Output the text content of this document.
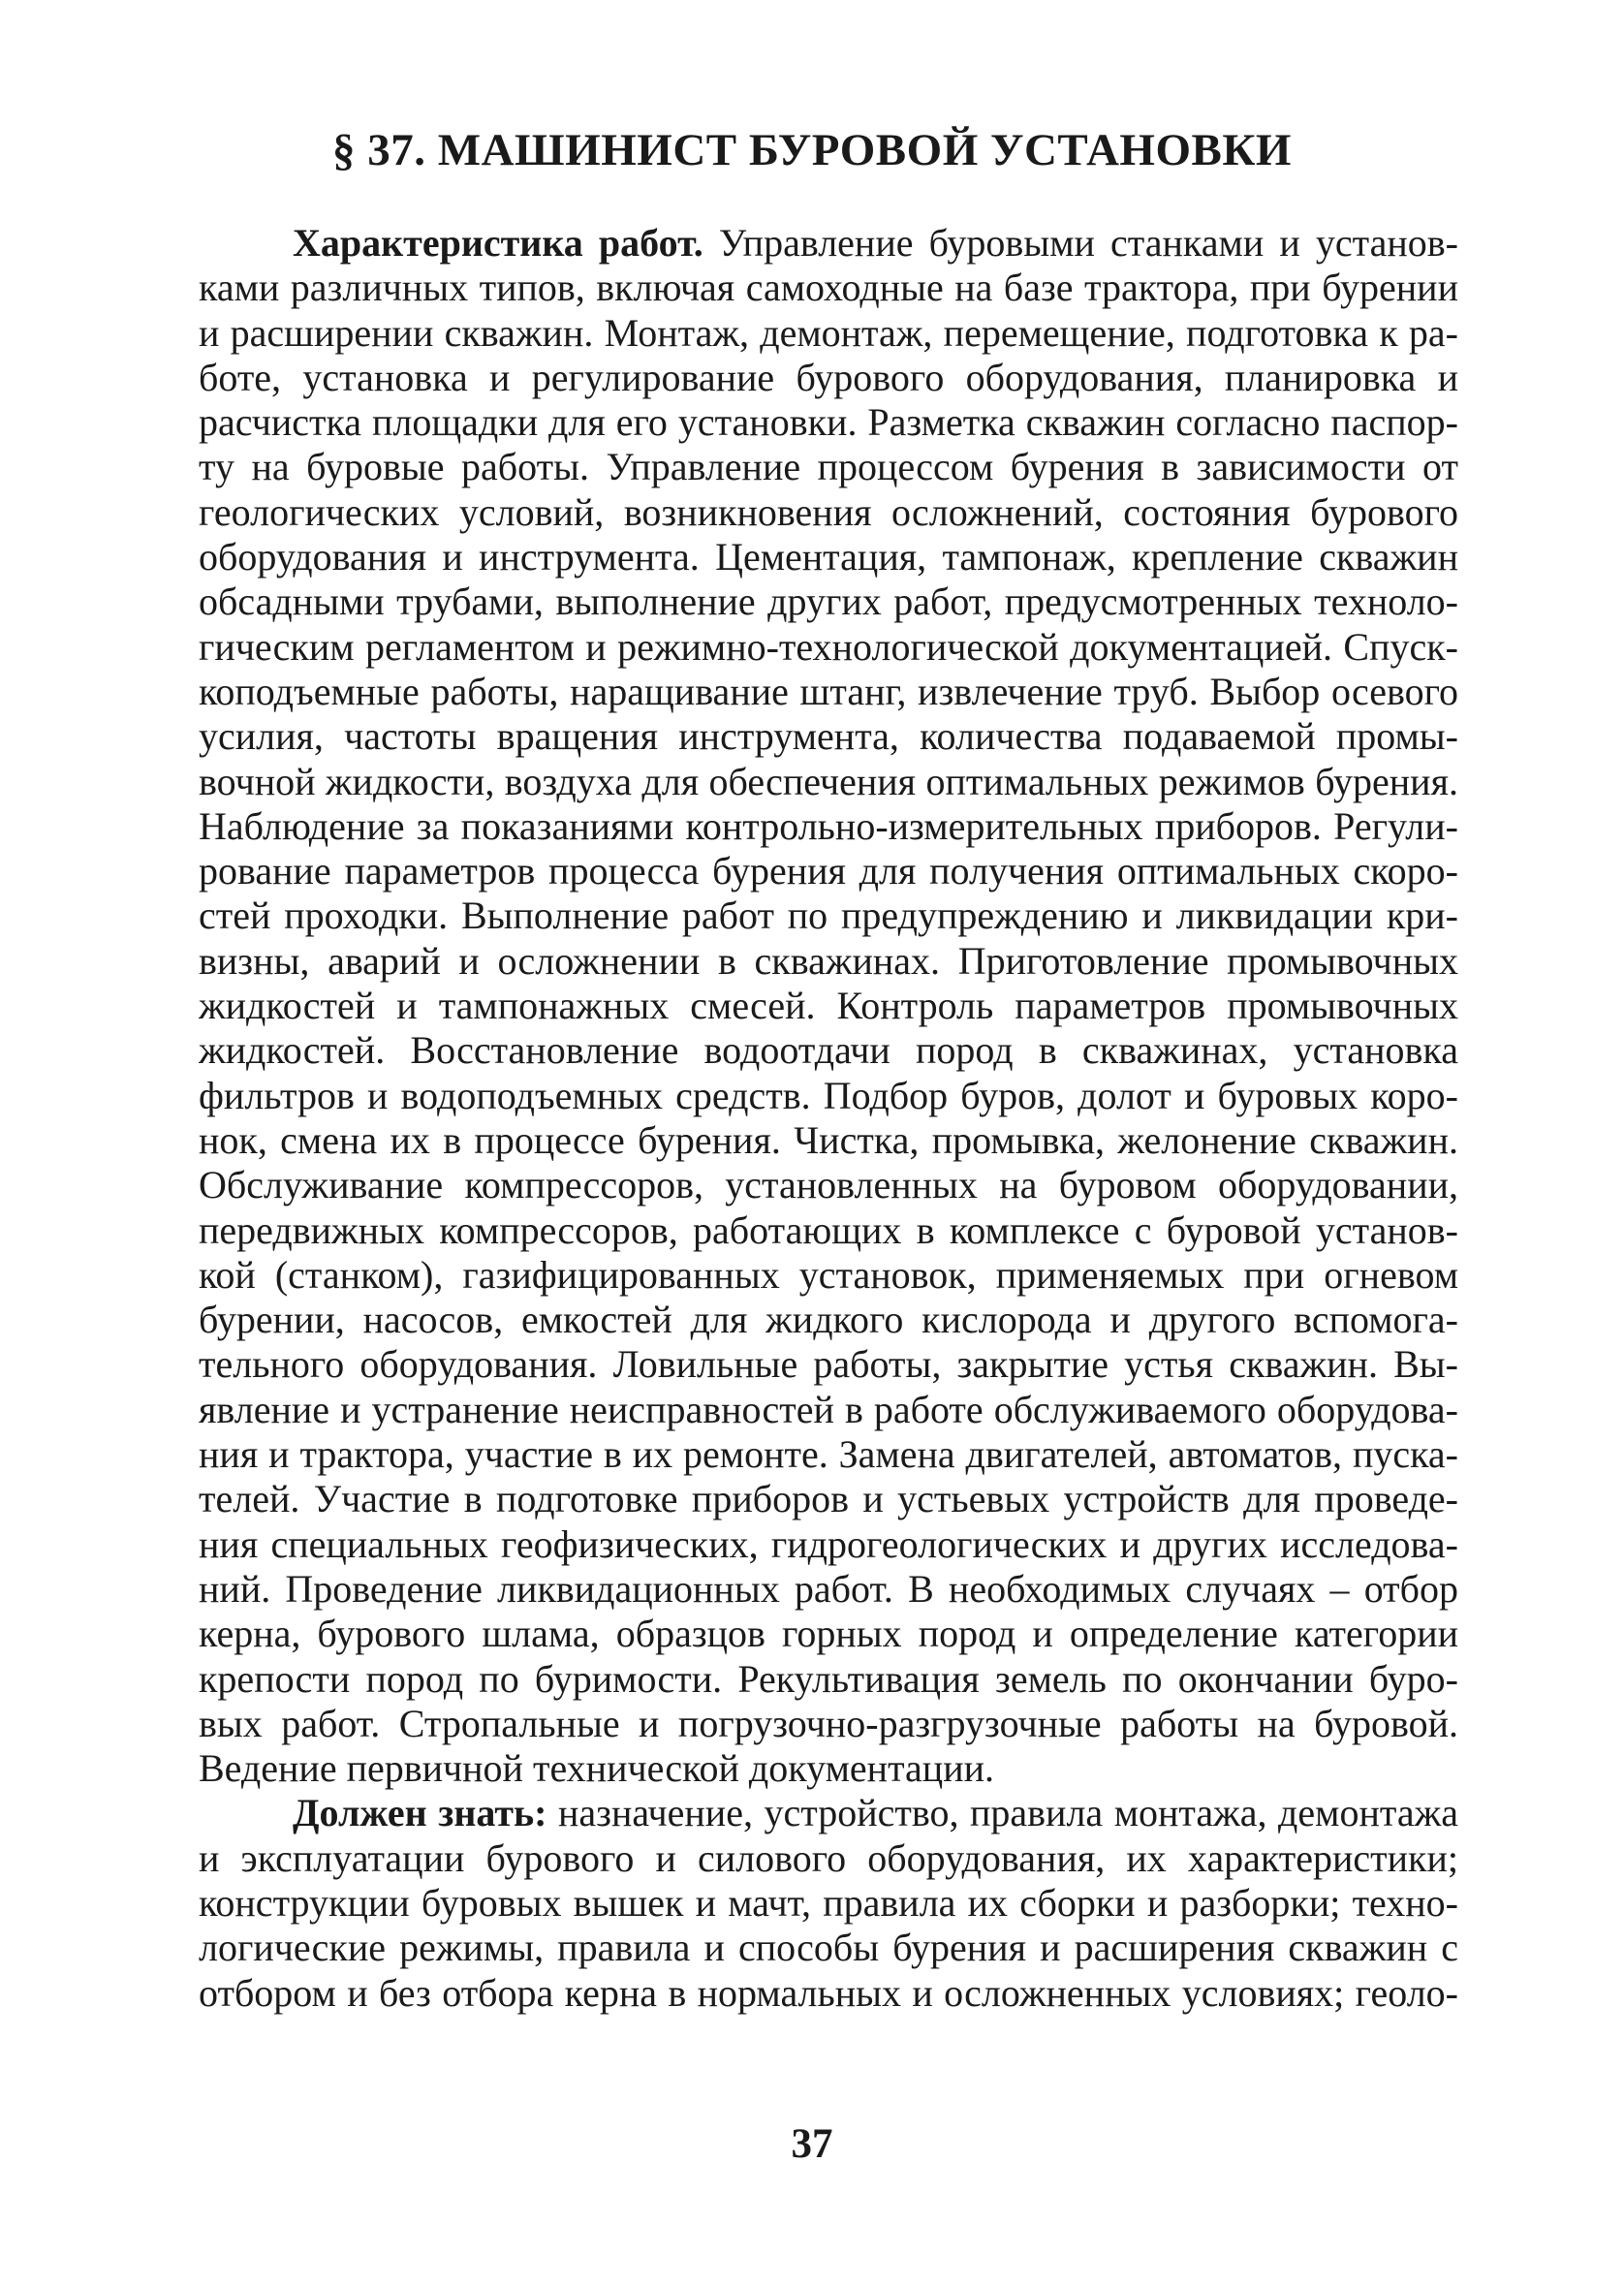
§ 37. МАШИНИСТ БУРОВОЙ УСТАНОВКИ
Характеристика работ. Управление буровыми станками и установ-
ками различных типов, включая самоходные на базе трактора, при бурении
и расширении скважин. Монтаж, демонтаж, перемещение, подготовка к ра-
боте, установка и регулирование бурового оборудования, планировка и
расчистка площадки для его установки. Разметка скважин согласно паспор-
ту на буровые работы. Управление процессом бурения в зависимости от
геологических условий, возникновения осложнений, состояния бурового
оборудования и инструмента. Цементация, тампонаж, крепление скважин
обсадными трубами, выполнение других работ, предусмотренных техноло-
гическим регламентом и режимно-технологической документацией. Спуск-
коподъемные работы, наращивание штанг, извлечение труб. Выбор осевого
усилия, частоты вращения инструмента, количества подаваемой промы-
вочной жидкости, воздуха для обеспечения оптимальных режимов бурения.
Наблюдение за показаниями контрольно-измерительных приборов. Регули-
рование параметров процесса бурения для получения оптимальных скоро-
стей проходки. Выполнение работ по предупреждению и ликвидации кри-
визны, аварий и осложнении в скважинах. Приготовление промывочных
жидкостей и тампонажных смесей. Контроль параметров промывочных
жидкостей. Восстановление водоотдачи пород в скважинах, установка
фильтров и водоподъемных средств. Подбор буров, долот и буровых коро-
нок, смена их в процессе бурения. Чистка, промывка, желонение скважин.
Обслуживание компрессоров, установленных на буровом оборудовании,
передвижных компрессоров, работающих в комплексе с буровой установ-
кой (станком), газифицированных установок, применяемых при огневом
бурении, насосов, емкостей для жидкого кислорода и другого вспомога-
тельного оборудования. Ловильные работы, закрытие устья скважин. Вы-
явление и устранение неисправностей в работе обслуживаемого оборудова-
ния и трактора, участие в их ремонте. Замена двигателей, автоматов, пуска-
телей. Участие в подготовке приборов и устьевых устройств для проведе-
ния специальных геофизических, гидрогеологических и других исследова-
ний. Проведение ликвидационных работ. В необходимых случаях – отбор
керна, бурового шлама, образцов горных пород и определение категории
крепости пород по буримости. Рекультивация земель по окончании буро-
вых работ. Стропальные и погрузочно-разгрузочные работы на буровой.
Ведение первичной технической документации.
Должен знать: назначение, устройство, правила монтажа, демонтажа
и эксплуатации бурового и силового оборудования, их характеристики;
конструкции буровых вышек и мачт, правила их сборки и разборки; техно-
логические режимы, правила и способы бурения и расширения скважин с
отбором и без отбора керна в нормальных и осложненных условиях; геоло-
37
